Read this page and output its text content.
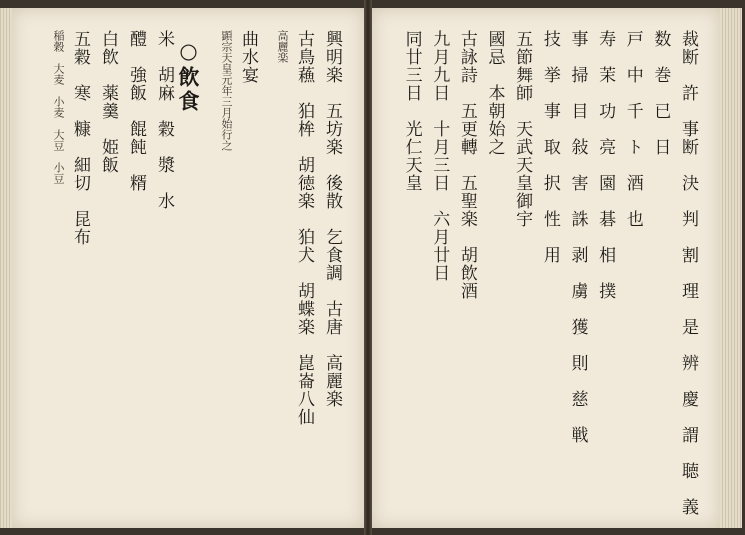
興明楽　五坊楽　後散　乞食調　古唐　高麗楽
古鳥蘓　狛桙　胡徳楽　狛犬　胡蝶楽　崑崙八仙
高麗楽
曲水宴
顕宗天皇元年三月始行之
○飲食
米　胡麻　穀　漿　水
醴　強飯　餛飩　糈
白飲　薬羹　姫飯
五穀　寒　糠　細切　昆布
稲穀　大麦　小麦　大豆　小豆	裁断　許　事断　決　判　割　理　是　辨　慶　謂　聴　義
数　巻　已　日
戸　中　千　ト　酒　也
寿　茉　功　亮　園　碁　相　撲
事　掃　目　敍　害　誅　剥　虜　獲　則　慈　戦
技　挙　事　取　択　性　用
五節舞師　天武天皇御宇
國忌　本朝始之
古詠詩　五更轉　五聖楽　胡飲酒
九月九日　十月三日　六月廿日
同廿三日　光仁天皇
